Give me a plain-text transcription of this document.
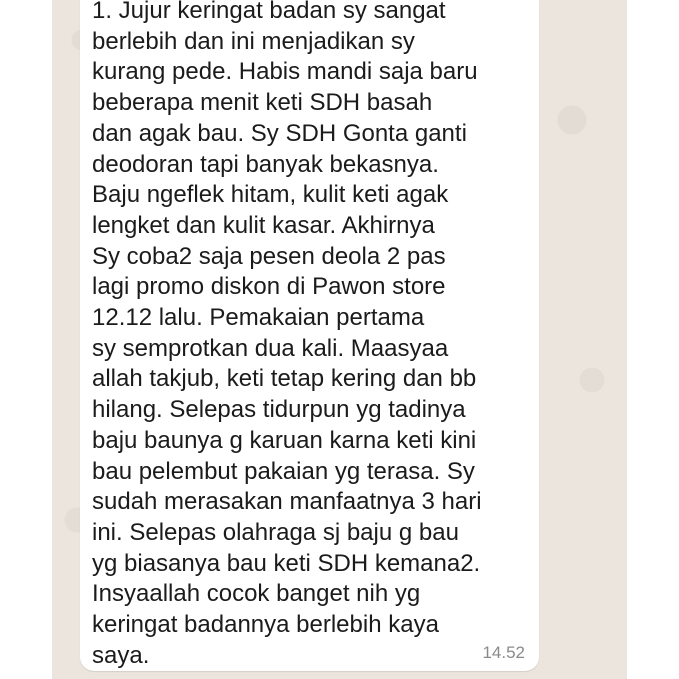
1. Jujur keringat badan sy sangat
berlebih dan ini menjadikan sy
kurang pede. Habis mandi saja baru
beberapa menit keti SDH basah
dan agak bau. Sy SDH Gonta ganti
deodoran tapi banyak bekasnya.
Baju ngeflek hitam, kulit keti agak
lengket dan kulit kasar. Akhirnya
Sy coba2 saja pesen deola 2 pas
lagi promo diskon di Pawon store
12.12 lalu. Pemakaian pertama
sy semprotkan dua kali. Maasyaa
allah takjub, keti tetap kering dan bb
hilang. Selepas tidurpun yg tadinya
baju baunya g karuan karna keti kini
bau pelembut pakaian yg terasa. Sy
sudah merasakan manfaatnya 3 hari
ini. Selepas olahraga sj baju g bau
yg biasanya bau keti SDH kemana2.
Insyaallah cocok banget nih yg
keringat badannya berlebih kaya
saya.	14.52
